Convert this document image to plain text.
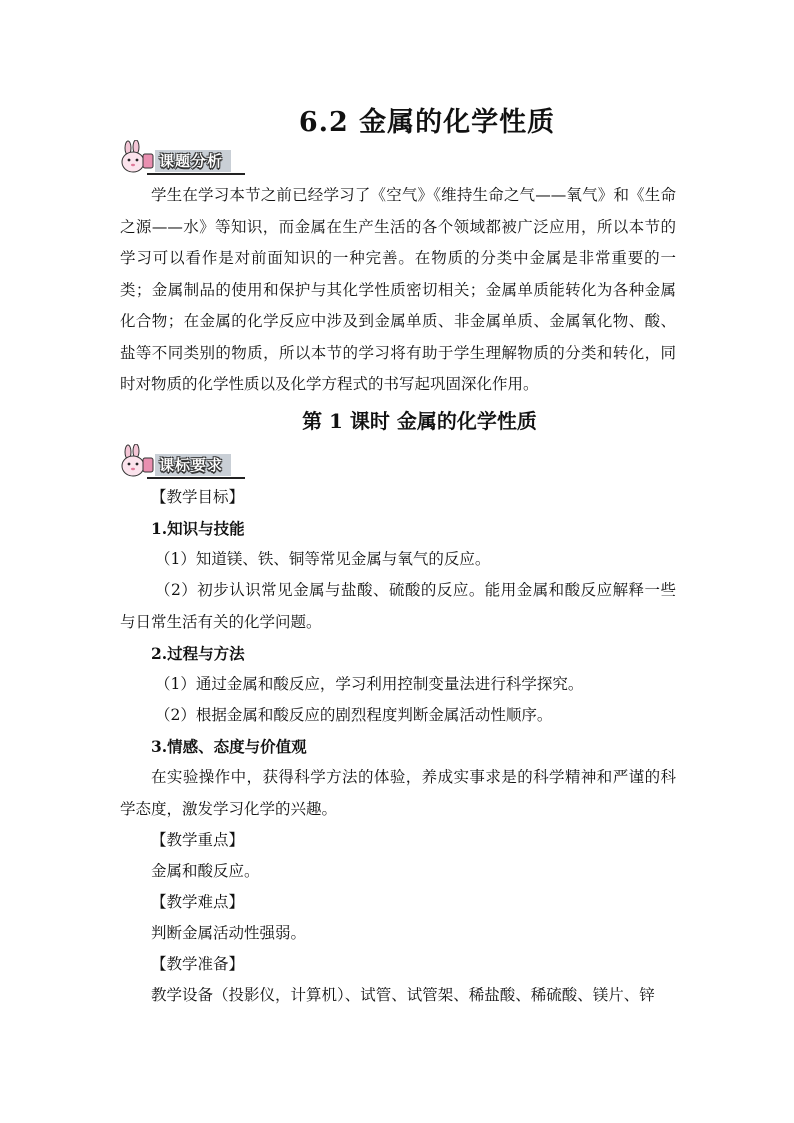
6.2 金属的化学性质
课题分析
学生在学习本节之前已经学习了《空气》《维持生命之气——氧气》和《生命之源——水》等知识，而金属在生产生活的各个领域都被广泛应用，所以本节的学习可以看作是对前面知识的一种完善。在物质的分类中金属是非常重要的一类；金属制品的使用和保护与其化学性质密切相关；金属单质能转化为各种金属化合物；在金属的化学反应中涉及到金属单质、非金属单质、金属氧化物、酸、盐等不同类别的物质，所以本节的学习将有助于学生理解物质的分类和转化，同时对物质的化学性质以及化学方程式的书写起巩固深化作用。
第 1 课时 金属的化学性质
课标要求
【教学目标】
1.知识与技能
（1）知道镁、铁、铜等常见金属与氧气的反应。
（2）初步认识常见金属与盐酸、硫酸的反应。能用金属和酸反应解释一些与日常生活有关的化学问题。
2.过程与方法
（1）通过金属和酸反应，学习利用控制变量法进行科学探究。
（2）根据金属和酸反应的剧烈程度判断金属活动性顺序。
3.情感、态度与价值观
在实验操作中，获得科学方法的体验，养成实事求是的科学精神和严谨的科学态度，激发学习化学的兴趣。
【教学重点】
金属和酸反应。
【教学难点】
判断金属活动性强弱。
【教学准备】
教学设备（投影仪，计算机）、试管、试管架、稀盐酸、稀硫酸、镁片、锌
